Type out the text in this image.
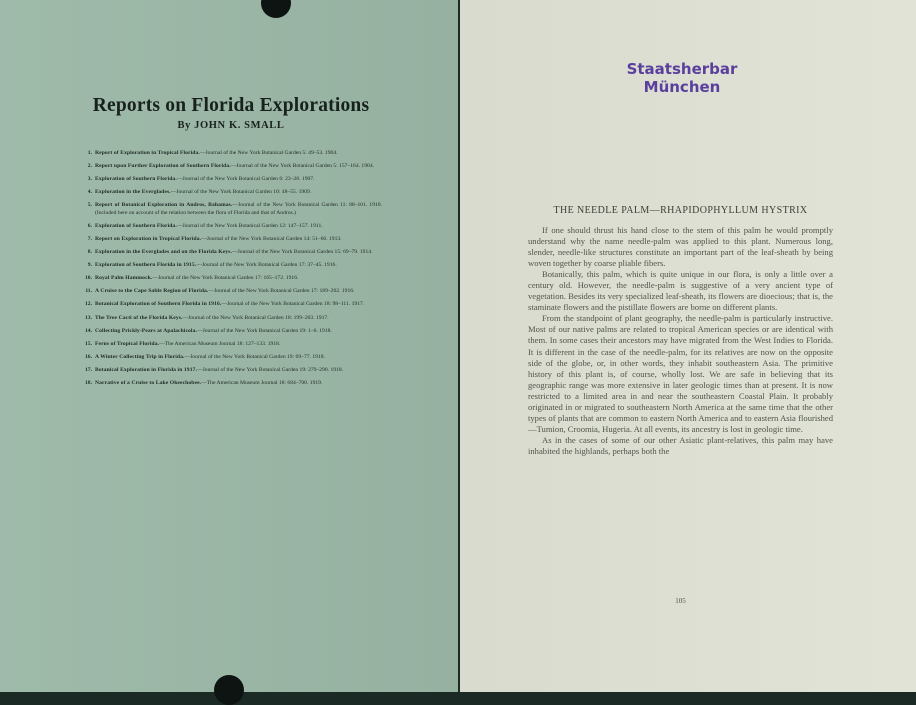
Reports on Florida Explorations
By JOHN K. SMALL
1. Report of Exploration in Tropical Florida.—Journal of the New York Botanical Garden 5: 49–53. 1904.
2. Report upon Further Exploration of Southern Florida.—Journal of the New York Botanical Garden 5: 157–164. 1904.
3. Exploration of Southern Florida.—Journal of the New York Botanical Garden 6: 23–28. 1907.
4. Exploration in the Everglades.—Journal of the New York Botanical Garden 10: 48–55. 1909.
5. Report of Botanical Exploration in Andros, Bahamas.—Journal of the New York Botanical Garden 11: 88–101. 1910. (Included here on account of the relation between the flora of Florida and that of Andros.)
6. Exploration of Southern Florida.—Journal of the New York Botanical Garden 12: 147–157. 1911.
7. Report on Exploration in Tropical Florida.—Journal of the New York Botanical Garden 14: 51–66. 1913.
8. Exploration in the Everglades and on the Florida Keys.—Journal of the New York Botanical Garden 15: 69–79. 1914.
9. Exploration of Southern Florida in 1915.—Journal of the New York Botanical Garden 17: 37–45. 1916.
10. Royal Palm Hammock.—Journal of the New York Botanical Garden 17: 165–172. 1916.
11. A Cruise to the Cape Sable Region of Florida.—Journal of the New York Botanical Garden 17: 189–202. 1916.
12. Botanical Exploration of Southern Florida in 1916.—Journal of the New York Botanical Garden 18: 98–111. 1917.
13. The Tree Cacti of the Florida Keys.—Journal of the New York Botanical Garden 18: 199–203. 1917.
14. Collecting Prickly-Pears at Apalachicola.—Journal of the New York Botanical Garden 19: 1–6. 1918.
15. Ferns of Tropical Florida.—The American Museum Journal 18: 127–133. 1918.
16. A Winter Collecting Trip in Florida.—Journal of the New York Botanical Garden 19: 69–77. 1918.
17. Botanical Exploration in Florida in 1917.—Journal of the New York Botanical Garden 19: 279–290. 1918.
18. Narrative of a Cruise to Lake Okeechobee.—The American Museum Journal 18: 684–700. 1919.
Staatsherbar
München
THE NEEDLE PALM—RHAPIDOPHYLLUM HYSTRIX

If one should thrust his hand close to the stem of this palm he would promptly understand why the name needle-palm was applied to this plant. Numerous long, slender, needle-like structures constitute an important part of the leaf-sheath by being woven together by coarse pliable fibers.

Botanically, this palm, which is quite unique in our flora, is only a little over a century old. However, the needle-palm is suggestive of a very ancient type of vegetation. Besides its very specialized leaf-sheath, its flowers are dioecious; that is, the staminate flowers and the pistillate flowers are borne on different plants.

From the standpoint of plant geography, the needle-palm is particularly instructive. Most of our native palms are related to tropical American species or are identical with them. In some cases their ancestors may have migrated from the West Indies to Florida. It is different in the case of the needle-palm, for its relatives are now on the opposite side of the globe, or, in other words, they inhabit southeastern Asia. The primitive history of this plant is, of course, wholly lost. We are safe in believing that its geographic range was more extensive in later geologic times than at present. It is now restricted to a limited area in and near the southeastern Coastal Plain. It probably originated in or migrated to southeastern North America at the same time that the other types of plants that are common to eastern North America and to eastern Asia flourished—Tumion, Croomia, Hugeria. At all events, its ancestry is lost in geologic time.

As in the cases of some of our other Asiatic plant-relatives, this palm may have inhabited the highlands, perhaps both the

105
